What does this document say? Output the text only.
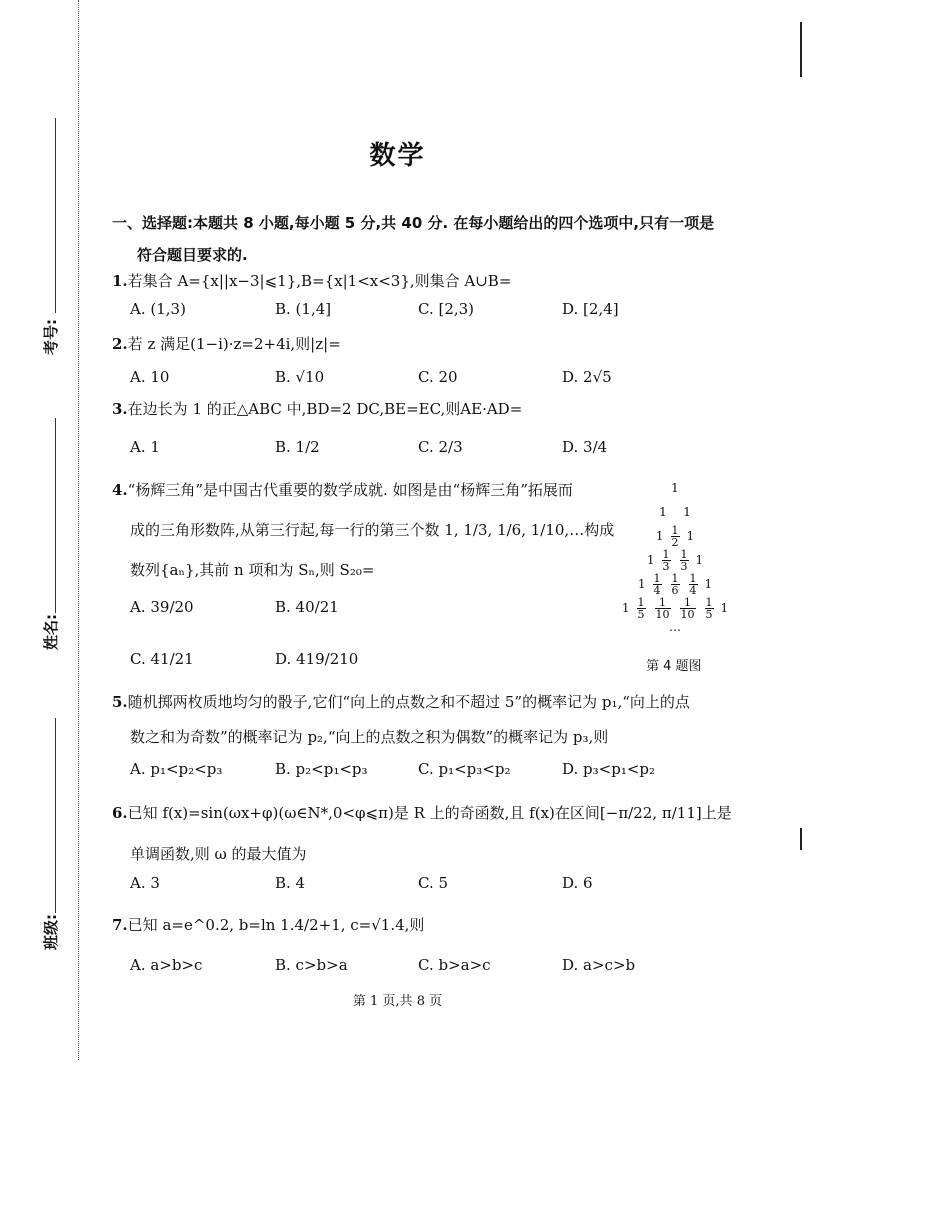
考号:
姓名:
班级:
数学
一、选择题:本题共 8 小题,每小题 5 分,共 40 分. 在每小题给出的四个选项中,只有一项是
符合题目要求的.
1.若集合 A={x||x−3|⩽1},B={x|1<x<3},则集合 A∪B=
A. (1,3)	B. (1,4]	C. [2,3)	D. [2,4]
2.若 z 满足(1−i)·z=2+4i,则|z|=
A. 10	B. √10	C. 20	D. 2√5
3.在边长为 1 的正△ABC 中,BD=2 DC,BE=EC,则AE·AD=
A. 1	B. 1/2	C. 2/3	D. 3/4
4.“杨辉三角”是中国古代重要的数学成就. 如图是由“杨辉三角”拓展而
成的三角形数阵,从第三行起,每一行的第三个数 1, 1/3, 1/6, 1/10,…构成
数列{aₙ},其前 n 项和为 Sₙ,则 S₂₀=
A. 39/20	B. 40/21
C. 41/21	D. 419/210
1
1 1
$1 \frac{1}{2} 1$
$1 \frac{1}{3} \frac{1}{3} 1$
$1 \frac{1}{4} \frac{1}{6} \frac{1}{4} 1$
$1 \frac{1}{5} \frac{1}{10} \frac{1}{10} \frac{1}{5} 1$
…
第 4 题图
5.随机掷两枚质地均匀的骰子,它们“向上的点数之和不超过 5”的概率记为 p₁,“向上的点
数之和为奇数”的概率记为 p₂,“向上的点数之积为偶数”的概率记为 p₃,则
A. p₁<p₂<p₃	B. p₂<p₁<p₃	C. p₁<p₃<p₂	D. p₃<p₁<p₂
6.已知 f(x)=sin(ωx+φ)(ω∈N*,0<φ⩽π)是 R 上的奇函数,且 f(x)在区间[−π/22, π/11]上是
单调函数,则 ω 的最大值为
A. 3	B. 4	C. 5	D. 6
7.已知 a=e^0.2, b=ln 1.4/2+1, c=√1.4,则
A. a>b>c	B. c>b>a	C. b>a>c	D. a>c>b
第 1 页,共 8 页
